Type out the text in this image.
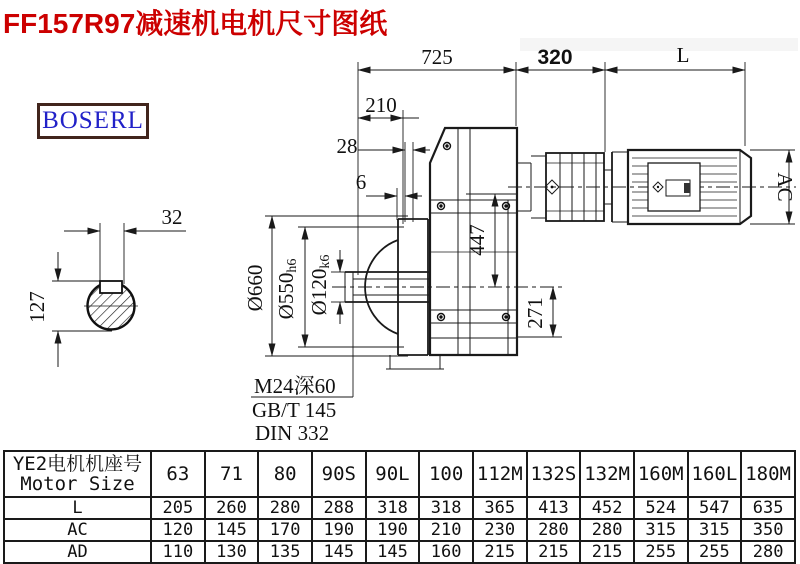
FF157R97减速机电机尺寸图纸
BOSERL
725	320	L
210
28
6
32
127	Ø660 Ø550h6
Ø120k6
447
271
AC
M24深60
GB/T 145
DIN 332
YE2电机机座号
Motor Size	63	71	80	90S	90L	100	112M	132S	132M	160M	160L	180M
L	205	260	280	288	318	318	365	413	452	524	547	635
AC	120	145	170	190	190	210	230	280	280	315	315	350
AD	110	130	135	145	145	160	215	215	215	255	255	280
